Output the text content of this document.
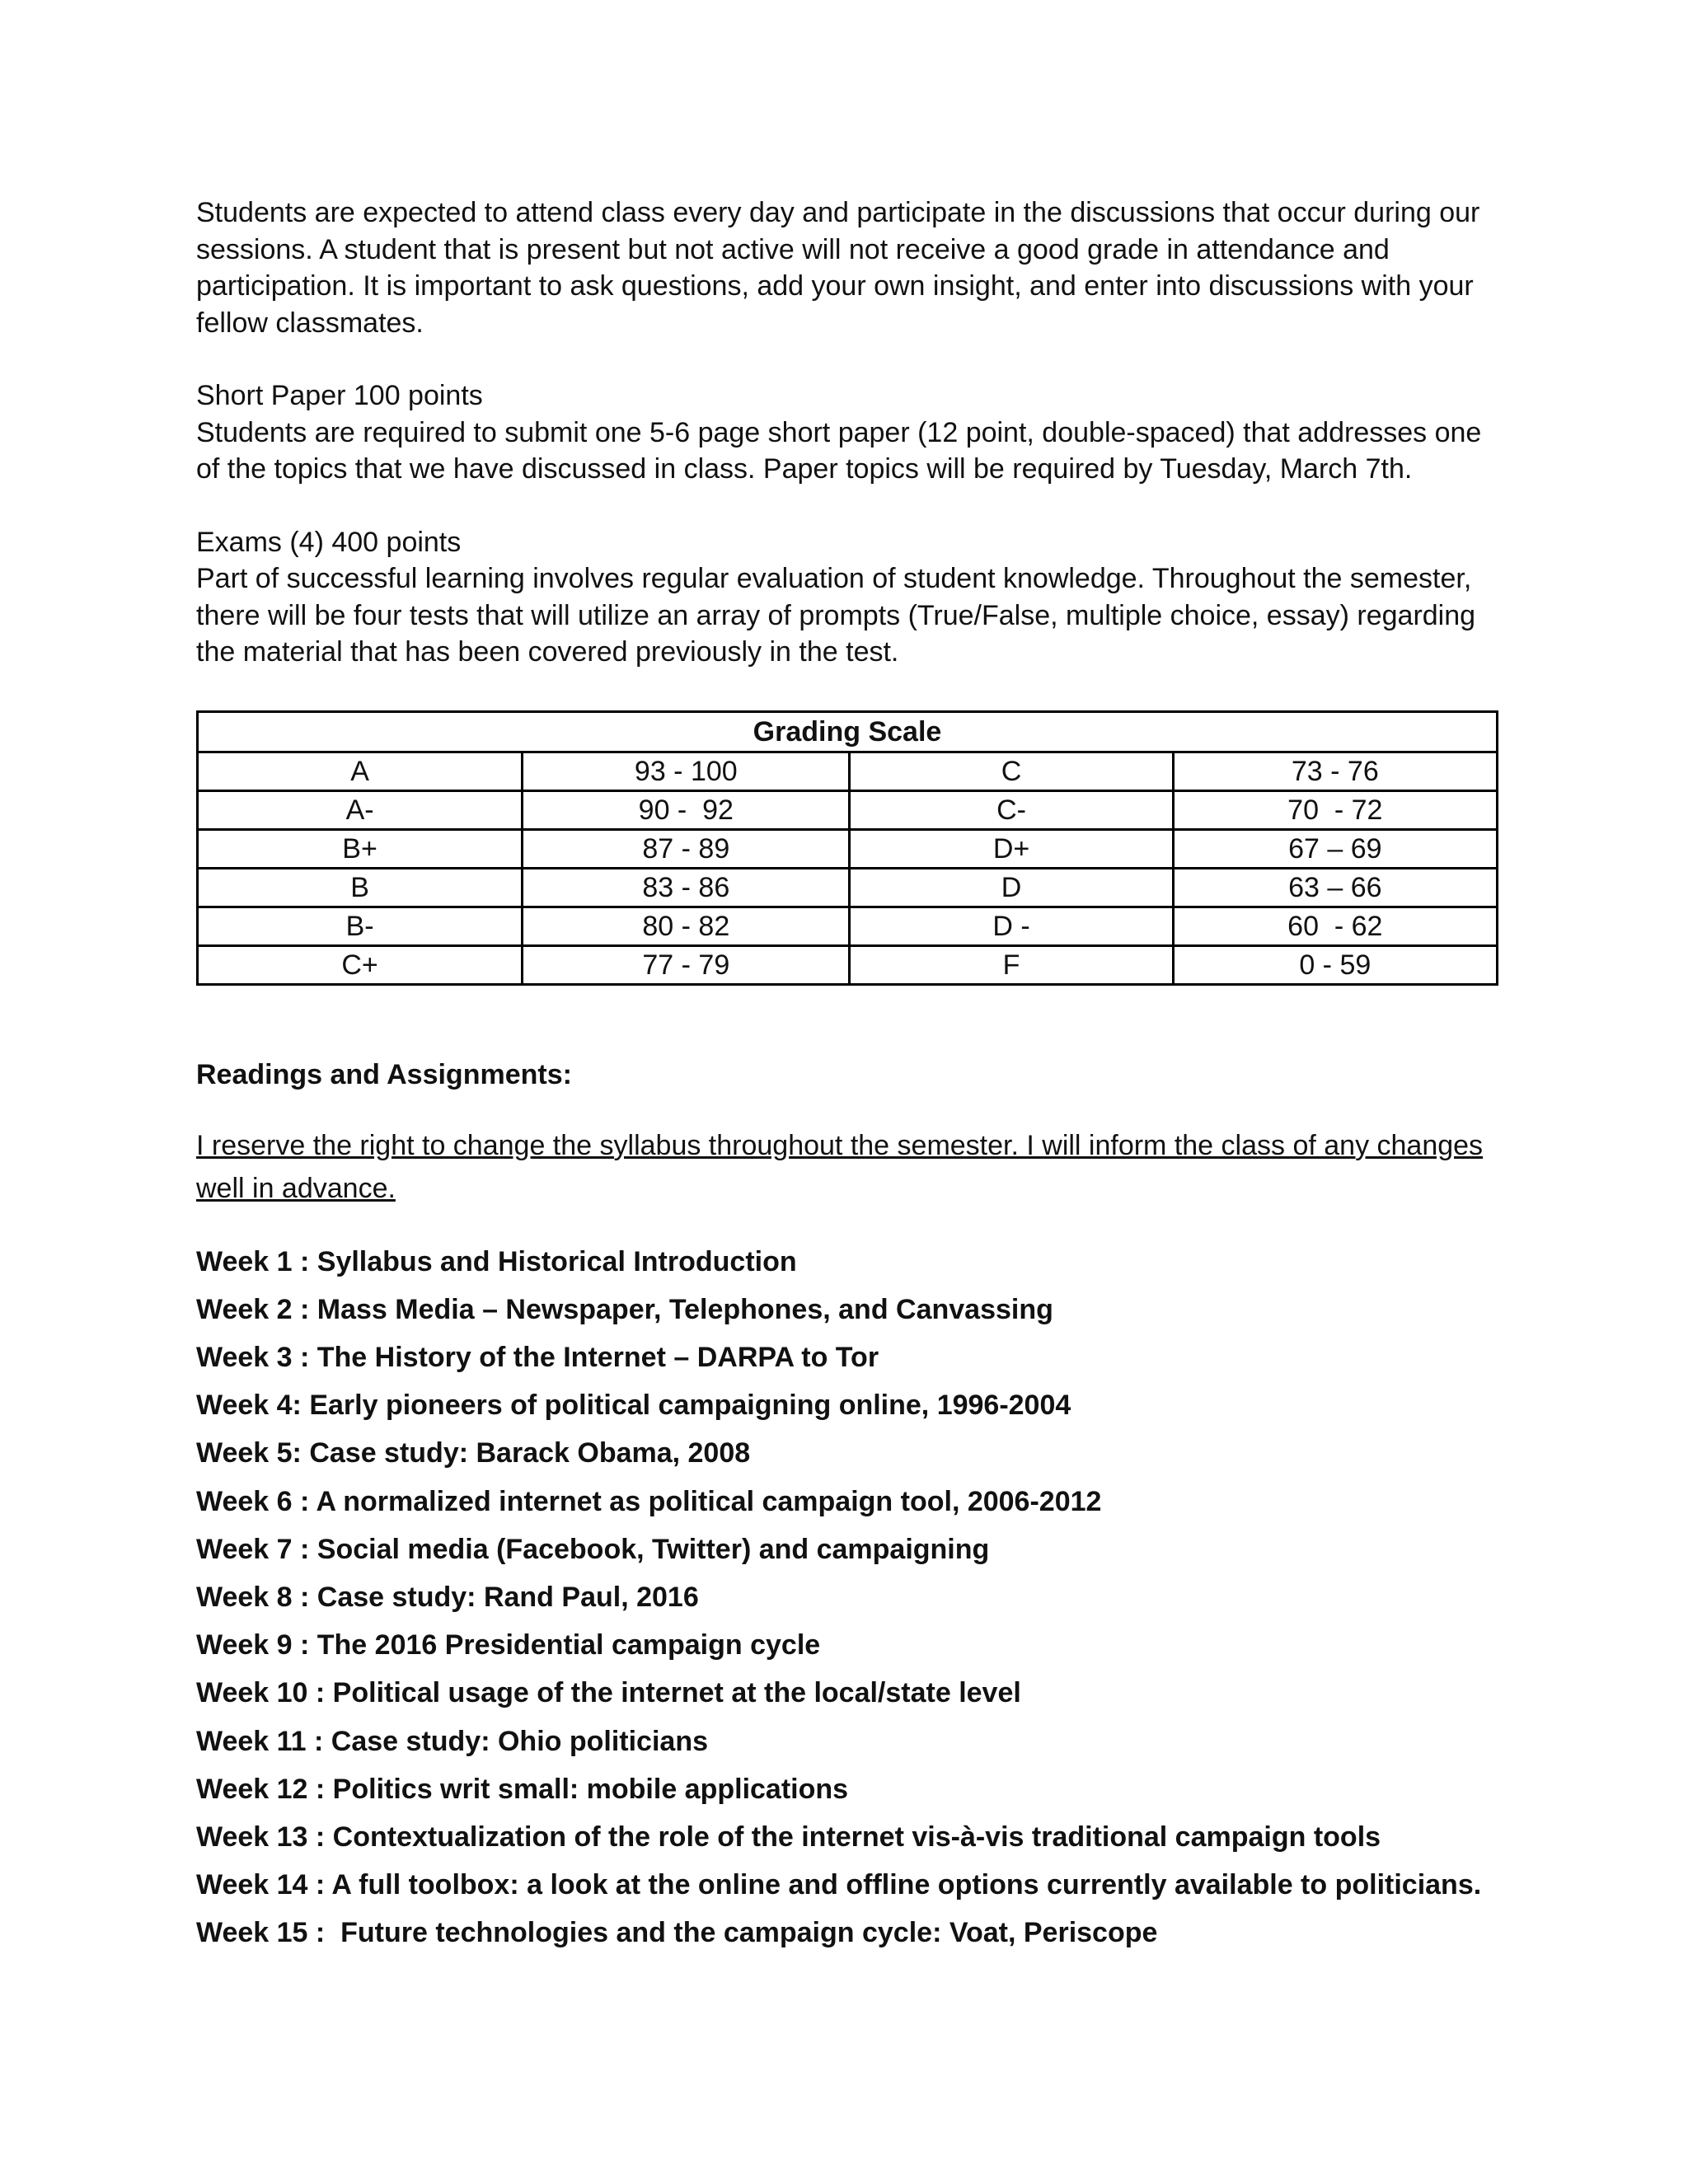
Students are expected to attend class every day and participate in the discussions that occur during our
sessions. A student that is present but not active will not receive a good grade in attendance and
participation. It is important to ask questions, add your own insight, and enter into discussions with your
fellow classmates.
Short Paper 100 points
Students are required to submit one 5-6 page short paper (12 point, double-spaced) that addresses one
of the topics that we have discussed in class. Paper topics will be required by Tuesday, March 7th.
Exams (4) 400 points
Part of successful learning involves regular evaluation of student knowledge. Throughout the semester,
there will be four tests that will utilize an array of prompts (True/False, multiple choice, essay) regarding
the material that has been covered previously in the test.
Grading Scale			
A	93 - 100	C	73 - 76
A-	90 -  92	C-	70  - 72
B+	87 - 89	D+	67 – 69
B	83 - 86	D	63 – 66
B-	80 - 82	D -	60  - 62
C+	77 - 79	F	0 - 59
Readings and Assignments:
I reserve the right to change the syllabus throughout the semester. I will inform the class of any changes
well in advance.
Week 1 : Syllabus and Historical Introduction
Week 2 : Mass Media – Newspaper, Telephones, and Canvassing
Week 3 : The History of the Internet – DARPA to Tor
Week 4: Early pioneers of political campaigning online, 1996-2004
Week 5: Case study: Barack Obama, 2008
Week 6 : A normalized internet as political campaign tool, 2006-2012
Week 7 : Social media (Facebook, Twitter) and campaigning
Week 8 : Case study: Rand Paul, 2016
Week 9 : The 2016 Presidential campaign cycle
Week 10 : Political usage of the internet at the local/state level
Week 11 : Case study: Ohio politicians
Week 12 : Politics writ small: mobile applications
Week 13 : Contextualization of the role of the internet vis-à-vis traditional campaign tools
Week 14 : A full toolbox: a look at the online and offline options currently available to politicians.
Week 15 :  Future technologies and the campaign cycle: Voat, Periscope
